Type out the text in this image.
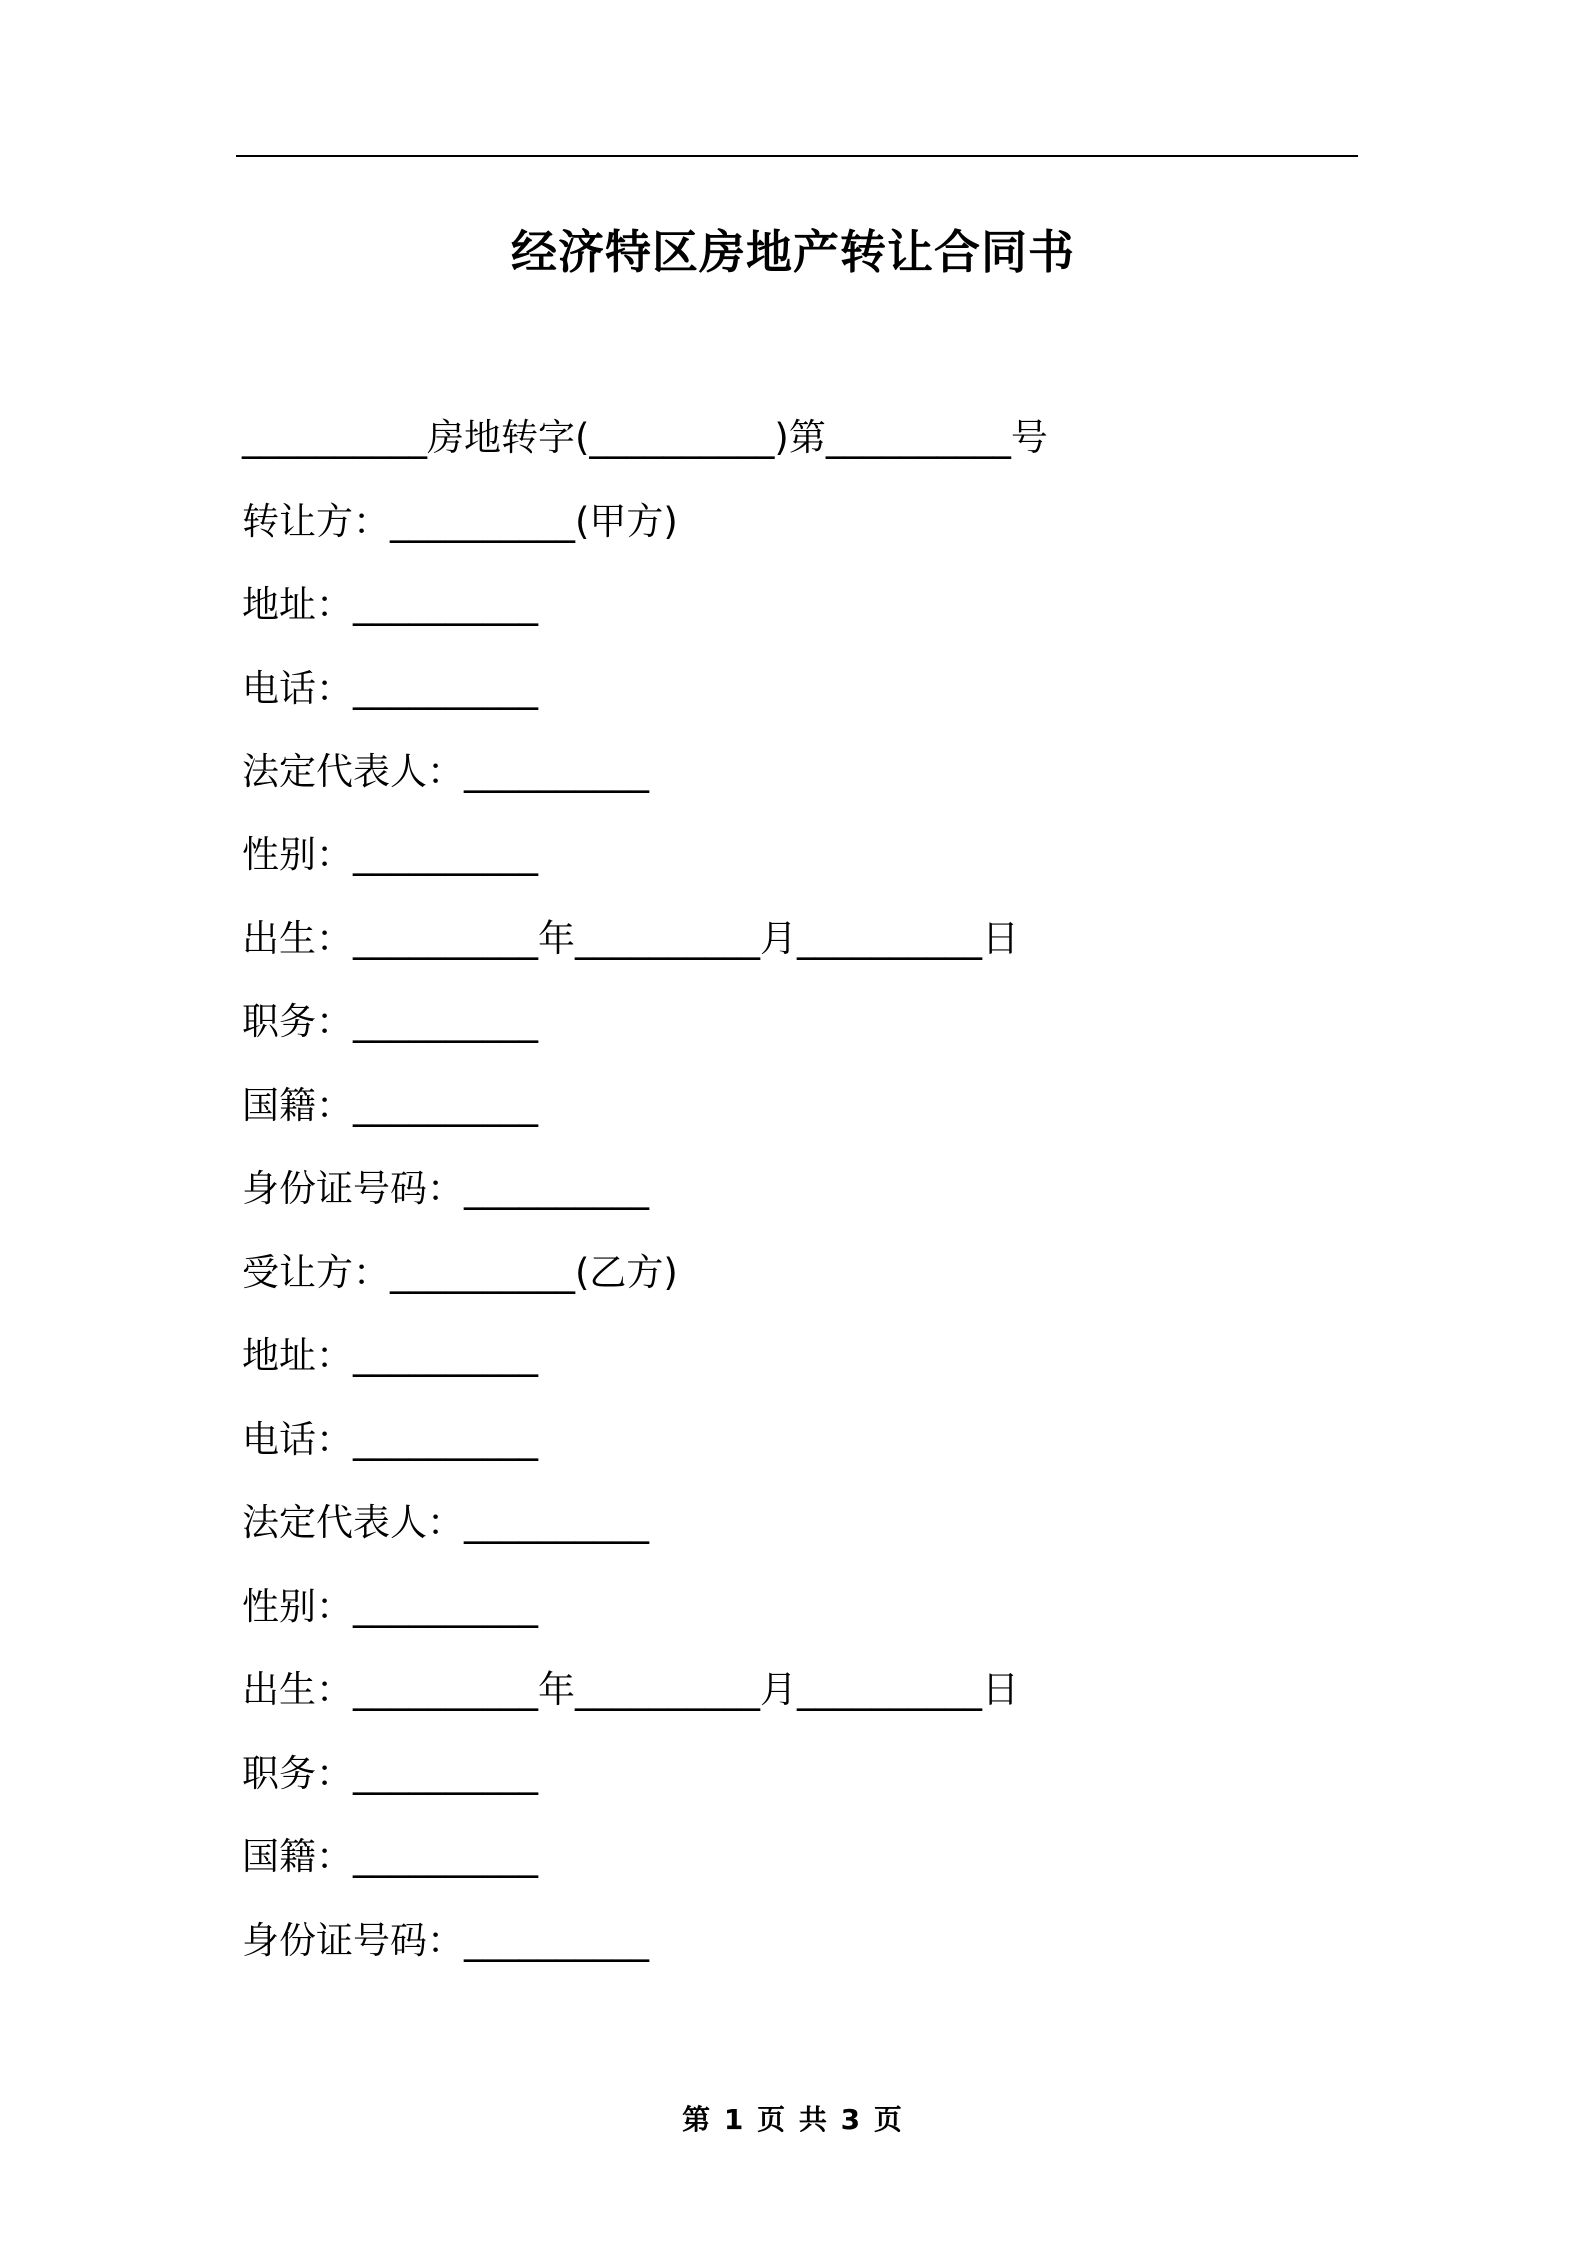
经济特区房地产转让合同书
__________房地转字(__________)第__________号
转让方：__________(甲方)
地址：__________
电话：__________
法定代表人：__________
性别：__________
出生：__________年__________月__________日
职务：__________
国籍：__________
身份证号码：__________
受让方：__________(乙方)
地址：__________
电话：__________
法定代表人：__________
性别：__________
出生：__________年__________月__________日
职务：__________
国籍：__________
身份证号码：__________
第 1 页 共 3 页
